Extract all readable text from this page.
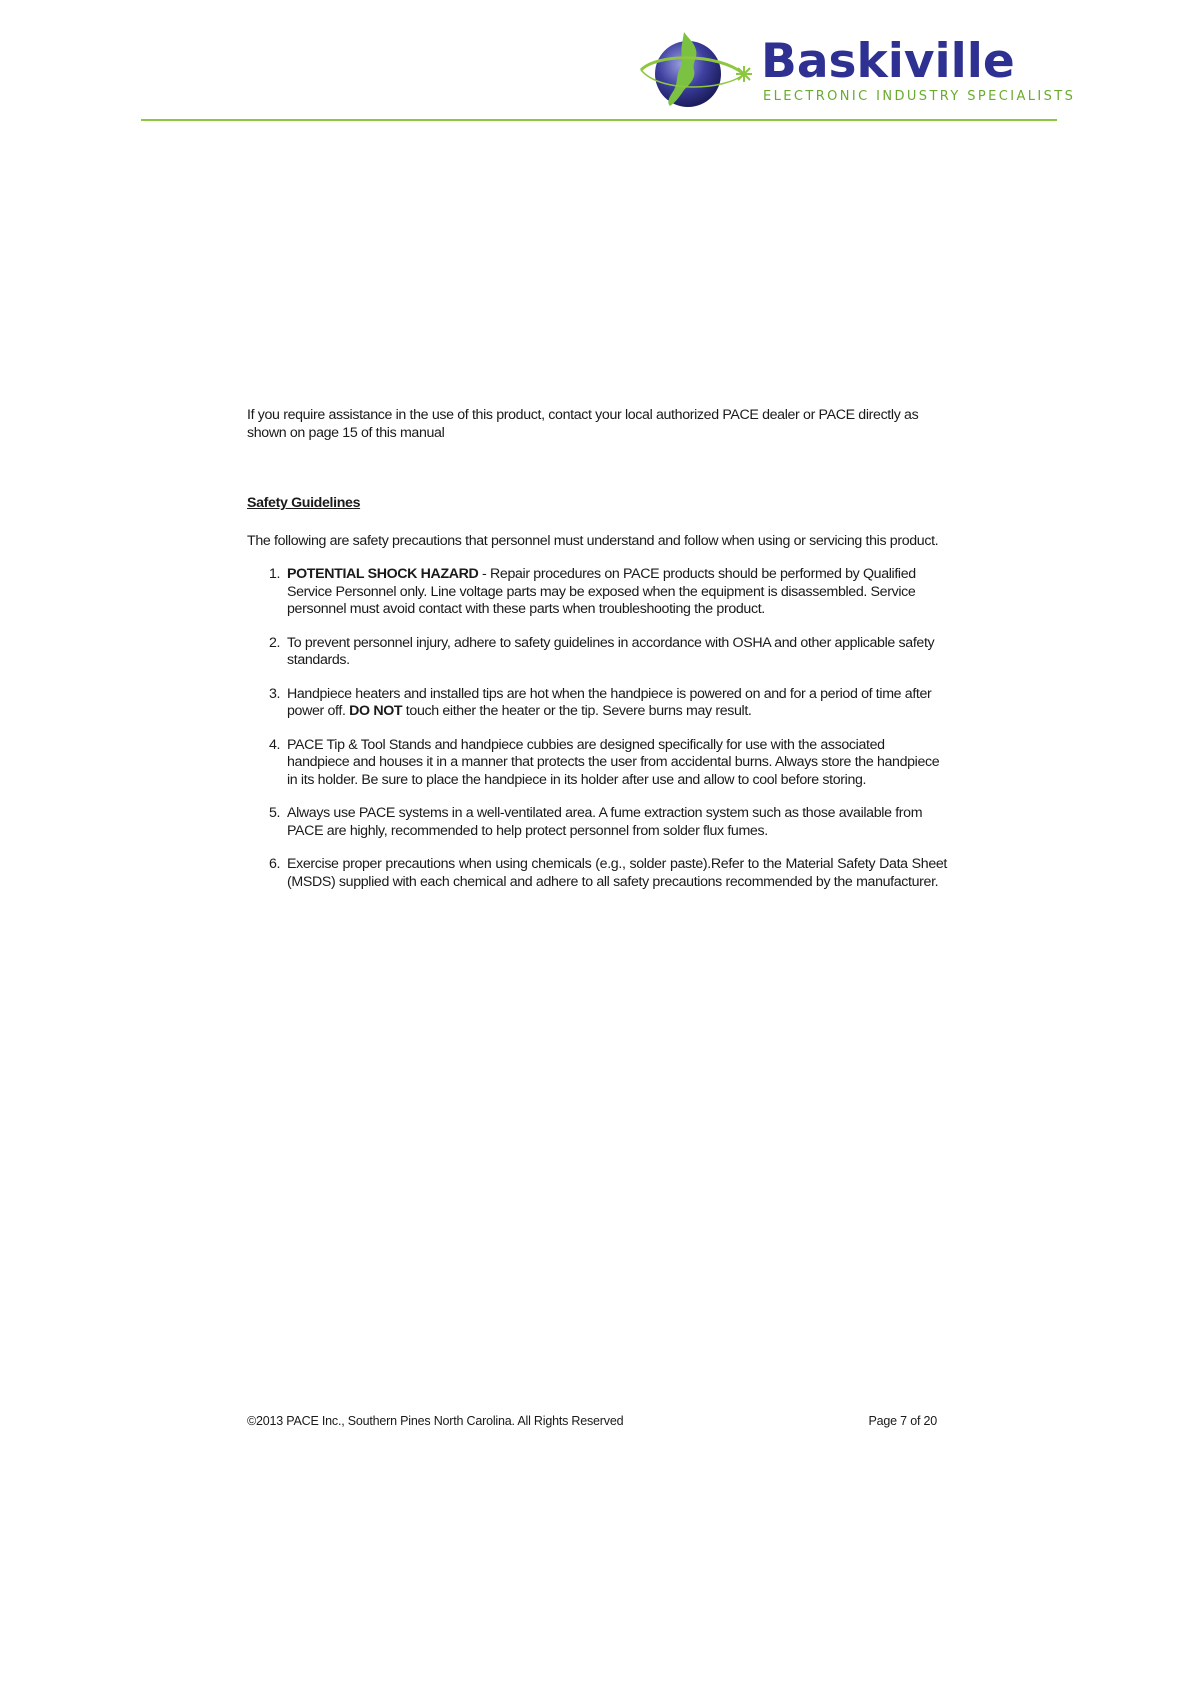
Baskiville
ELECTRONIC INDUSTRY SPECIALISTS

If you require assistance in the use of this product, contact your local authorized PACE dealer or PACE directly as shown on page 15 of this manual

Safety Guidelines

The following are safety precautions that personnel must understand and follow when using or servicing this product.

1. POTENTIAL SHOCK HAZARD - Repair procedures on PACE products should be performed by Qualified Service Personnel only. Line voltage parts may be exposed when the equipment is disassembled. Service personnel must avoid contact with these parts when troubleshooting the product.
2. To prevent personnel injury, adhere to safety guidelines in accordance with OSHA and other applicable safety standards.
3. Handpiece heaters and installed tips are hot when the handpiece is powered on and for a period of time after power off. DO NOT touch either the heater or the tip. Severe burns may result.
4. PACE Tip & Tool Stands and handpiece cubbies are designed specifically for use with the associated handpiece and houses it in a manner that protects the user from accidental burns. Always store the handpiece in its holder. Be sure to place the handpiece in its holder after use and allow to cool before storing.
5. Always use PACE systems in a well-ventilated area. A fume extraction system such as those available from PACE are highly, recommended to help protect personnel from solder flux fumes.
6. Exercise proper precautions when using chemicals (e.g., solder paste).Refer to the Material Safety Data Sheet (MSDS) supplied with each chemical and adhere to all safety precautions recommended by the manufacturer.
©2013 PACE Inc., Southern Pines North Carolina. All Rights Reserved	Page 7 of 20
